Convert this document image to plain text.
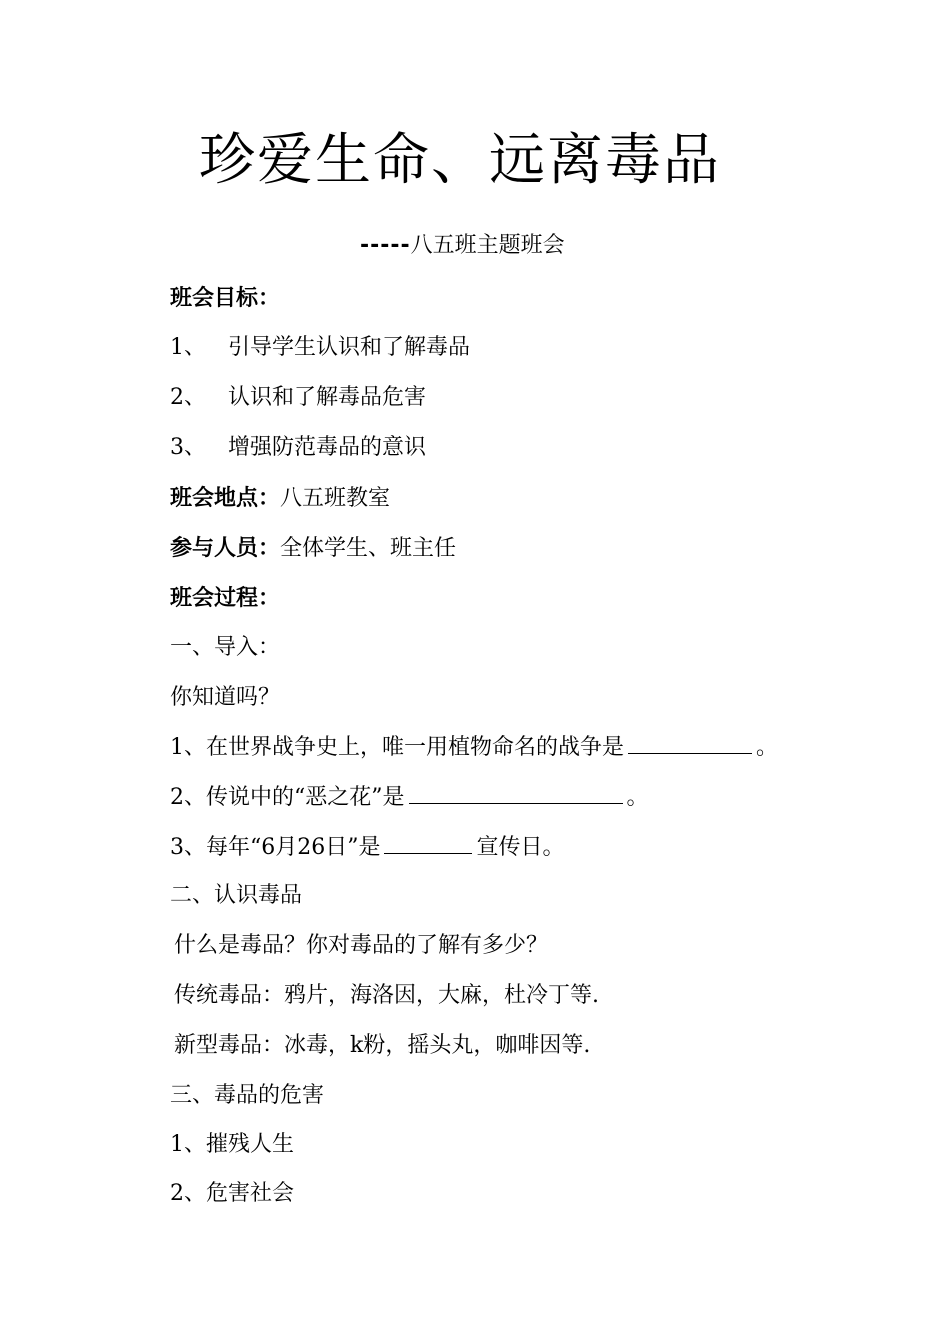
珍爱生命、远离毒品
-----八五班主题班会
班会目标：
1、 引导学生认识和了解毒品
2、 认识和了解毒品危害
3、 增强防范毒品的意识
班会地点：八五班教室
参与人员：全体学生、班主任
班会过程：
一、导入：
你知道吗？
1、在世界战争史上，唯一用植物命名的战争是	。
2、传说中的“恶之花”是	。
3、每年“6月26日”是	宣传日。
二、认识毒品
什么是毒品？你对毒品的了解有多少？
传统毒品：鸦片，海洛因，大麻，杜冷丁等.
新型毒品：冰毒，k粉，摇头丸，咖啡因等.
三、毒品的危害
1、摧残人生
2、危害社会
